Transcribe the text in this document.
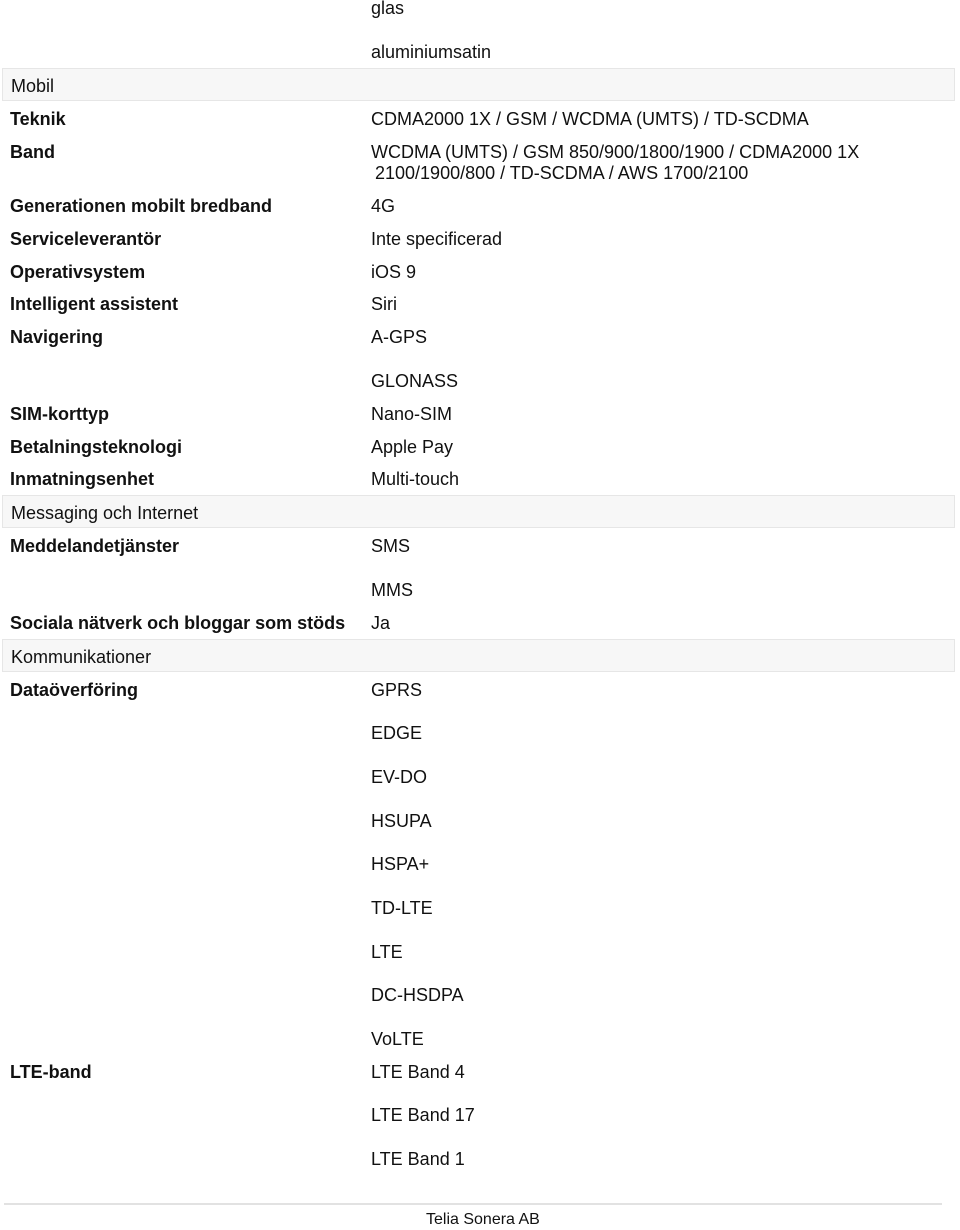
glas
aluminiumsatin
Mobil
Teknik	CDMA2000 1X / GSM / WCDMA (UMTS) / TD-SCDMA
Band	WCDMA (UMTS) / GSM 850/900/1800/1900 / CDMA2000 1X
2100/1900/800 / TD-SCDMA / AWS 1700/2100
Generationen mobilt bredband	4G
Serviceleverantör	Inte specificerad
Operativsystem	iOS 9
Intelligent assistent	Siri
Navigering	A-GPS
GLONASS
SIM-korttyp	Nano-SIM
Betalningsteknologi	Apple Pay
Inmatningsenhet	Multi-touch
Messaging och Internet
Meddelandetjänster	SMS
MMS
Sociala nätverk och bloggar som stöds Ja
Kommunikationer
Dataöverföring	GPRS
EDGE
EV-DO
HSUPA
HSPA+
TD-LTE
LTE
DC-HSDPA
VoLTE
LTE-band	LTE Band 4
LTE Band 17
LTE Band 1
Telia Sonera AB
